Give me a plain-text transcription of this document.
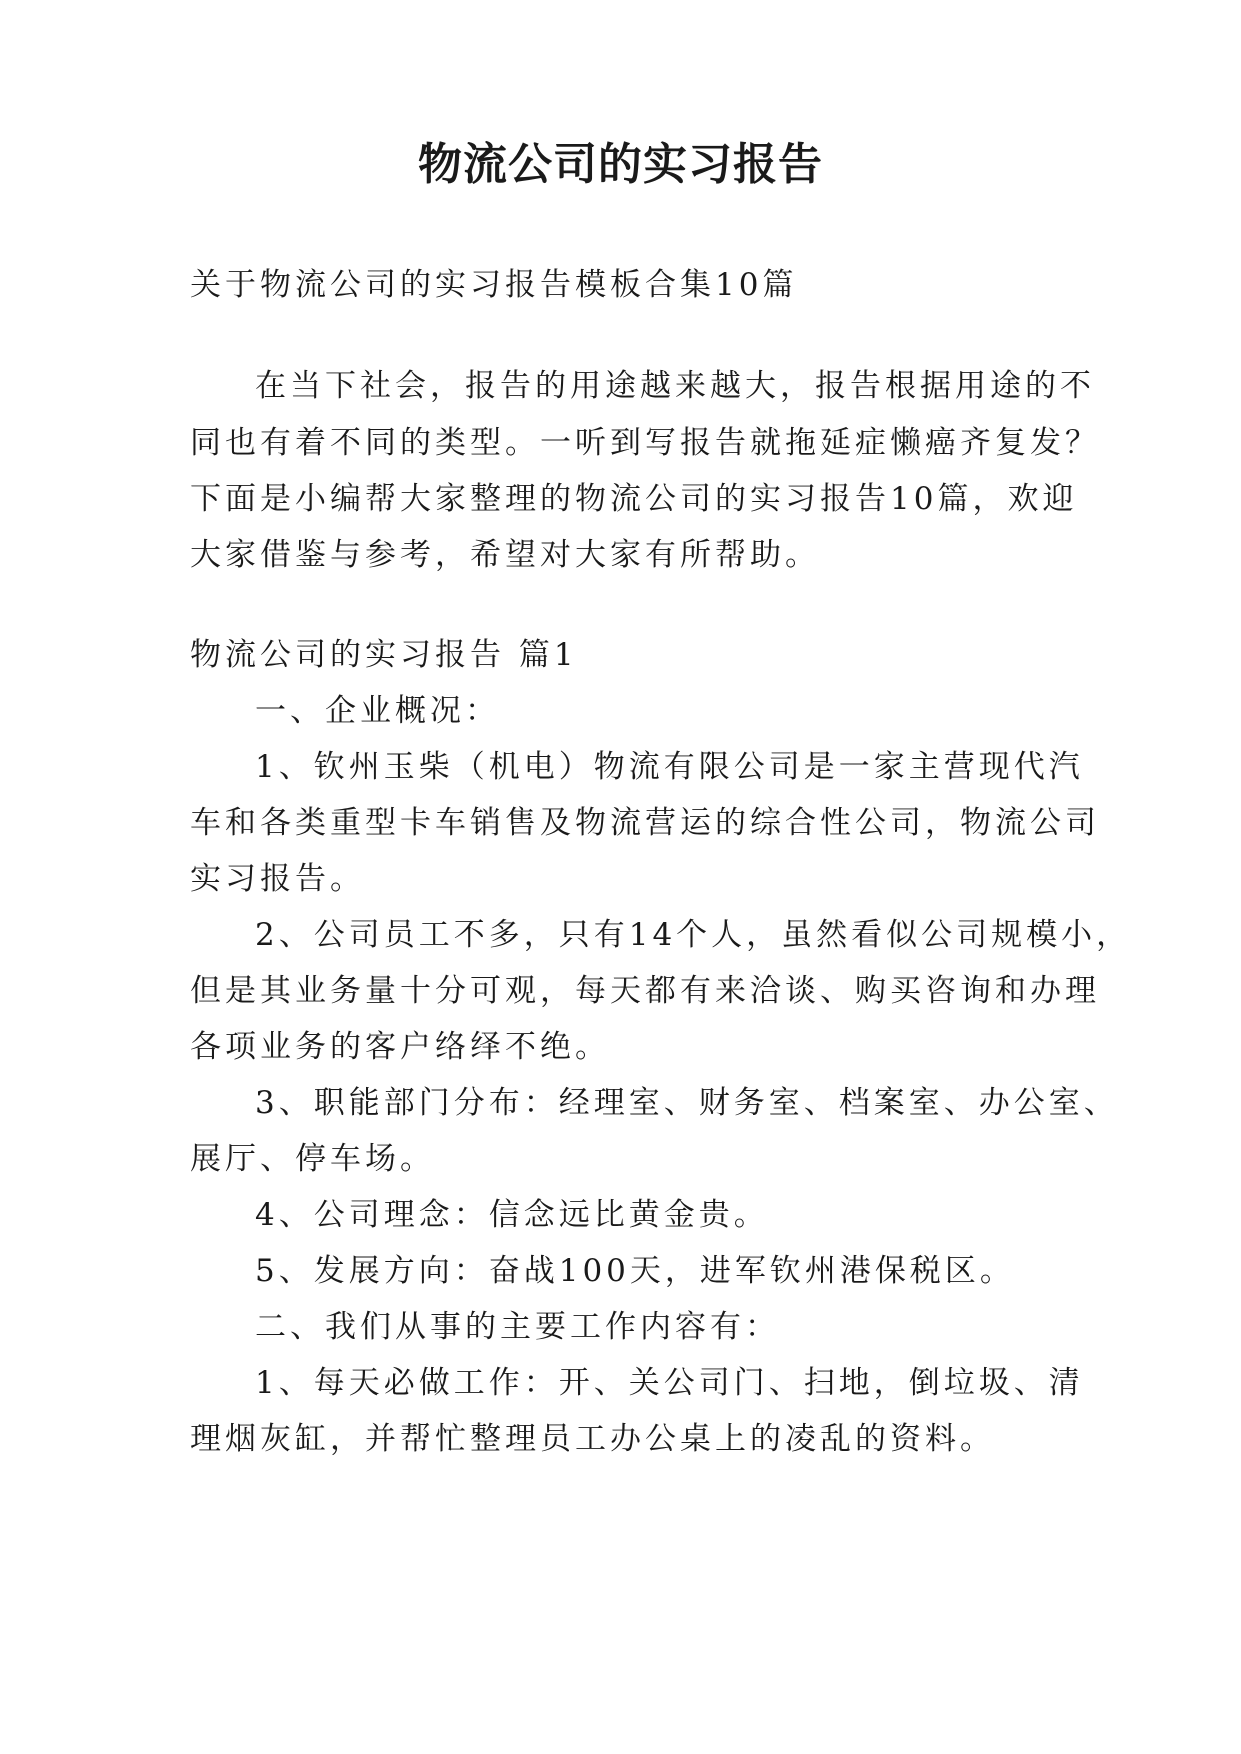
物流公司的实习报告
关于物流公司的实习报告模板合集10篇
在当下社会，报告的用途越来越大，报告根据用途的不
同也有着不同的类型。一听到写报告就拖延症懒癌齐复发？
下面是小编帮大家整理的物流公司的实习报告10篇，欢迎
大家借鉴与参考，希望对大家有所帮助。
物流公司的实习报告 篇1
一、企业概况：
1、钦州玉柴（机电）物流有限公司是一家主营现代汽
车和各类重型卡车销售及物流营运的综合性公司，物流公司
实习报告。
2、公司员工不多，只有14个人，虽然看似公司规模小，
但是其业务量十分可观，每天都有来洽谈、购买咨询和办理
各项业务的客户络绎不绝。
3、职能部门分布：经理室、财务室、档案室、办公室、
展厅、停车场。
4、公司理念：信念远比黄金贵。
5、发展方向：奋战100天，进军钦州港保税区。
二、我们从事的主要工作内容有：
1、每天必做工作：开、关公司门、扫地，倒垃圾、清
理烟灰缸，并帮忙整理员工办公桌上的凌乱的资料。
